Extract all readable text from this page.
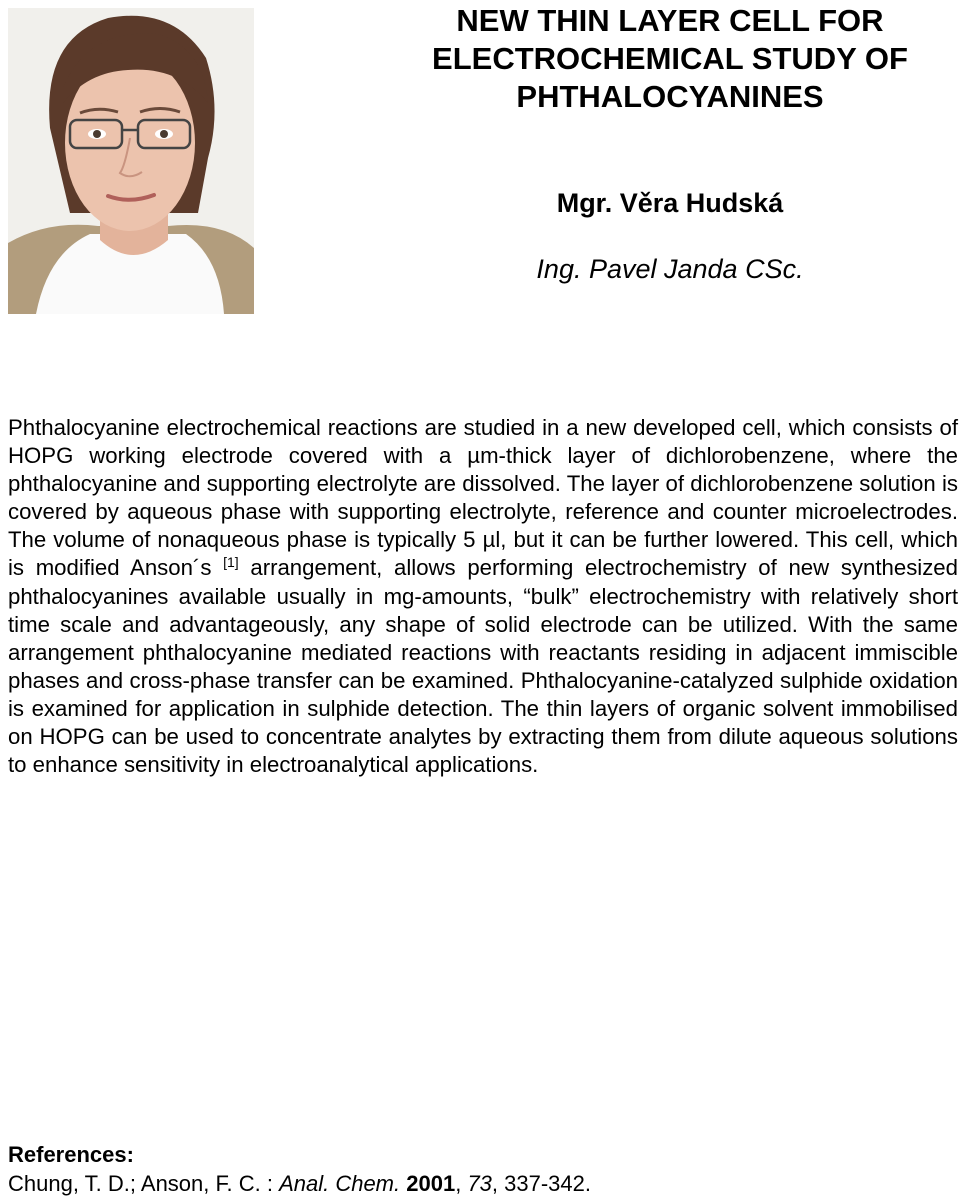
NEW THIN LAYER CELL FOR
ELECTROCHEMICAL STUDY OF
PHTHALOCYANINES
Mgr. Věra Hudská
Ing. Pavel Janda CSc.

Phthalocyanine electrochemical reactions are studied in a new developed cell, which consists of HOPG working electrode covered with a µm-thick layer of dichlorobenzene, where the phthalocyanine and supporting electrolyte are dissolved. The layer of dichlorobenzene solution is covered by aqueous phase with supporting electrolyte, reference and counter microelectrodes. The volume of nonaqueous phase is typically 5 µl, but it can be further lowered. This cell, which is modified Anson´s [1] arrangement, allows performing electrochemistry of new synthesized phthalocyanines available usually in mg-amounts, “bulk” electrochemistry with relatively short time scale and advantageously, any shape of solid electrode can be utilized. With the same arrangement phthalocyanine mediated reactions with reactants residing in adjacent immiscible phases and cross-phase transfer can be examined. Phthalocyanine-catalyzed sulphide oxidation is examined for application in sulphide detection. The thin layers of organic solvent immobilised on HOPG can be used to concentrate analytes by extracting them from dilute aqueous solutions to enhance sensitivity in electroanalytical applications.

References:
Chung, T. D.; Anson, F. C. : Anal. Chem. 2001, 73, 337-342.
